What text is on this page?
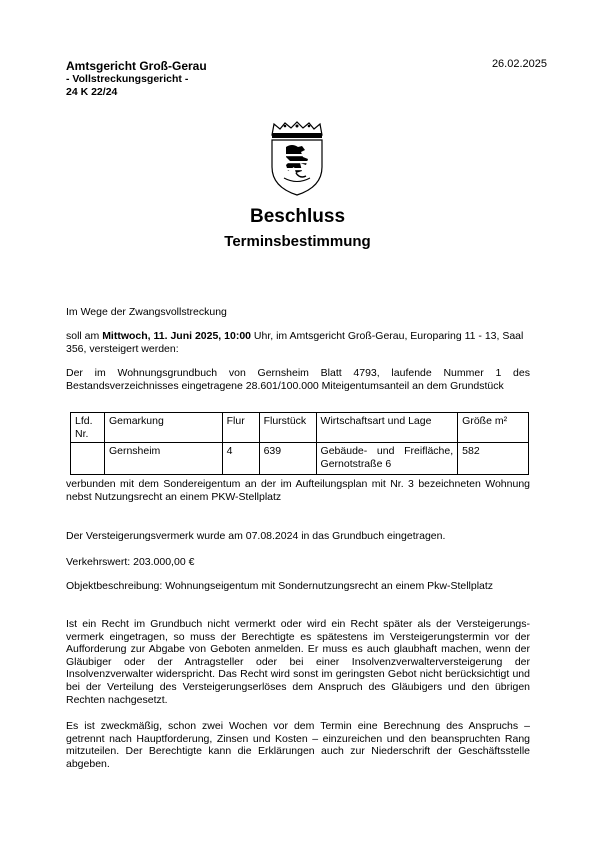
Amtsgericht Groß-Gerau
- Vollstreckungsgericht -
24 K 22/24
26.02.2025
Beschluss
Terminsbestimmung
Im Wege der Zwangsvollstreckung
soll am Mittwoch, 11. Juni 2025, 10:00 Uhr, im Amtsgericht Groß-Gerau, Europaring 11 - 13, Saal 356, versteigert werden:
Der im Wohnungsgrundbuch von Gernsheim Blatt 4793, laufende Nummer 1 des Bestandsverzeichnisses eingetragene 28.601/100.000 Miteigentumsanteil an dem Grundstück
Lfd. Nr.	Gemarkung	Flur	Flurstück	Wirtschaftsart und Lage	Größe m²
	Gernsheim	4	639	Gebäude- und Freifläche, Gernotstraße 6	582
verbunden mit dem Sondereigentum an der im Aufteilungsplan mit Nr. 3 bezeichneten Wohnung nebst Nutzungsrecht an einem PKW-Stellplatz
Der Versteigerungsvermerk wurde am 07.08.2024 in das Grundbuch eingetragen.
Verkehrswert: 203.000,00 €
Objektbeschreibung: Wohnungseigentum mit Sondernutzungsrecht an einem Pkw-Stellplatz
Ist ein Recht im Grundbuch nicht vermerkt oder wird ein Recht später als der Versteigerungs-vermerk eingetragen, so muss der Berechtigte es spätestens im Versteigerungstermin vor der Aufforderung zur Abgabe von Geboten anmelden. Er muss es auch glaubhaft machen, wenn der Gläubiger oder der Antragsteller oder bei einer Insolvenzverwalterversteigerung der Insolvenzverwalter widerspricht. Das Recht wird sonst im geringsten Gebot nicht berücksichtigt und bei der Verteilung des Versteigerungserlöses dem Anspruch des Gläubigers und den übrigen Rechten nachgesetzt.
Es ist zweckmäßig, schon zwei Wochen vor dem Termin eine Berechnung des Anspruchs – getrennt nach Hauptforderung, Zinsen und Kosten – einzureichen und den beanspruchten Rang mitzuteilen. Der Berechtigte kann die Erklärungen auch zur Niederschrift der Geschäftsstelle abgeben.
